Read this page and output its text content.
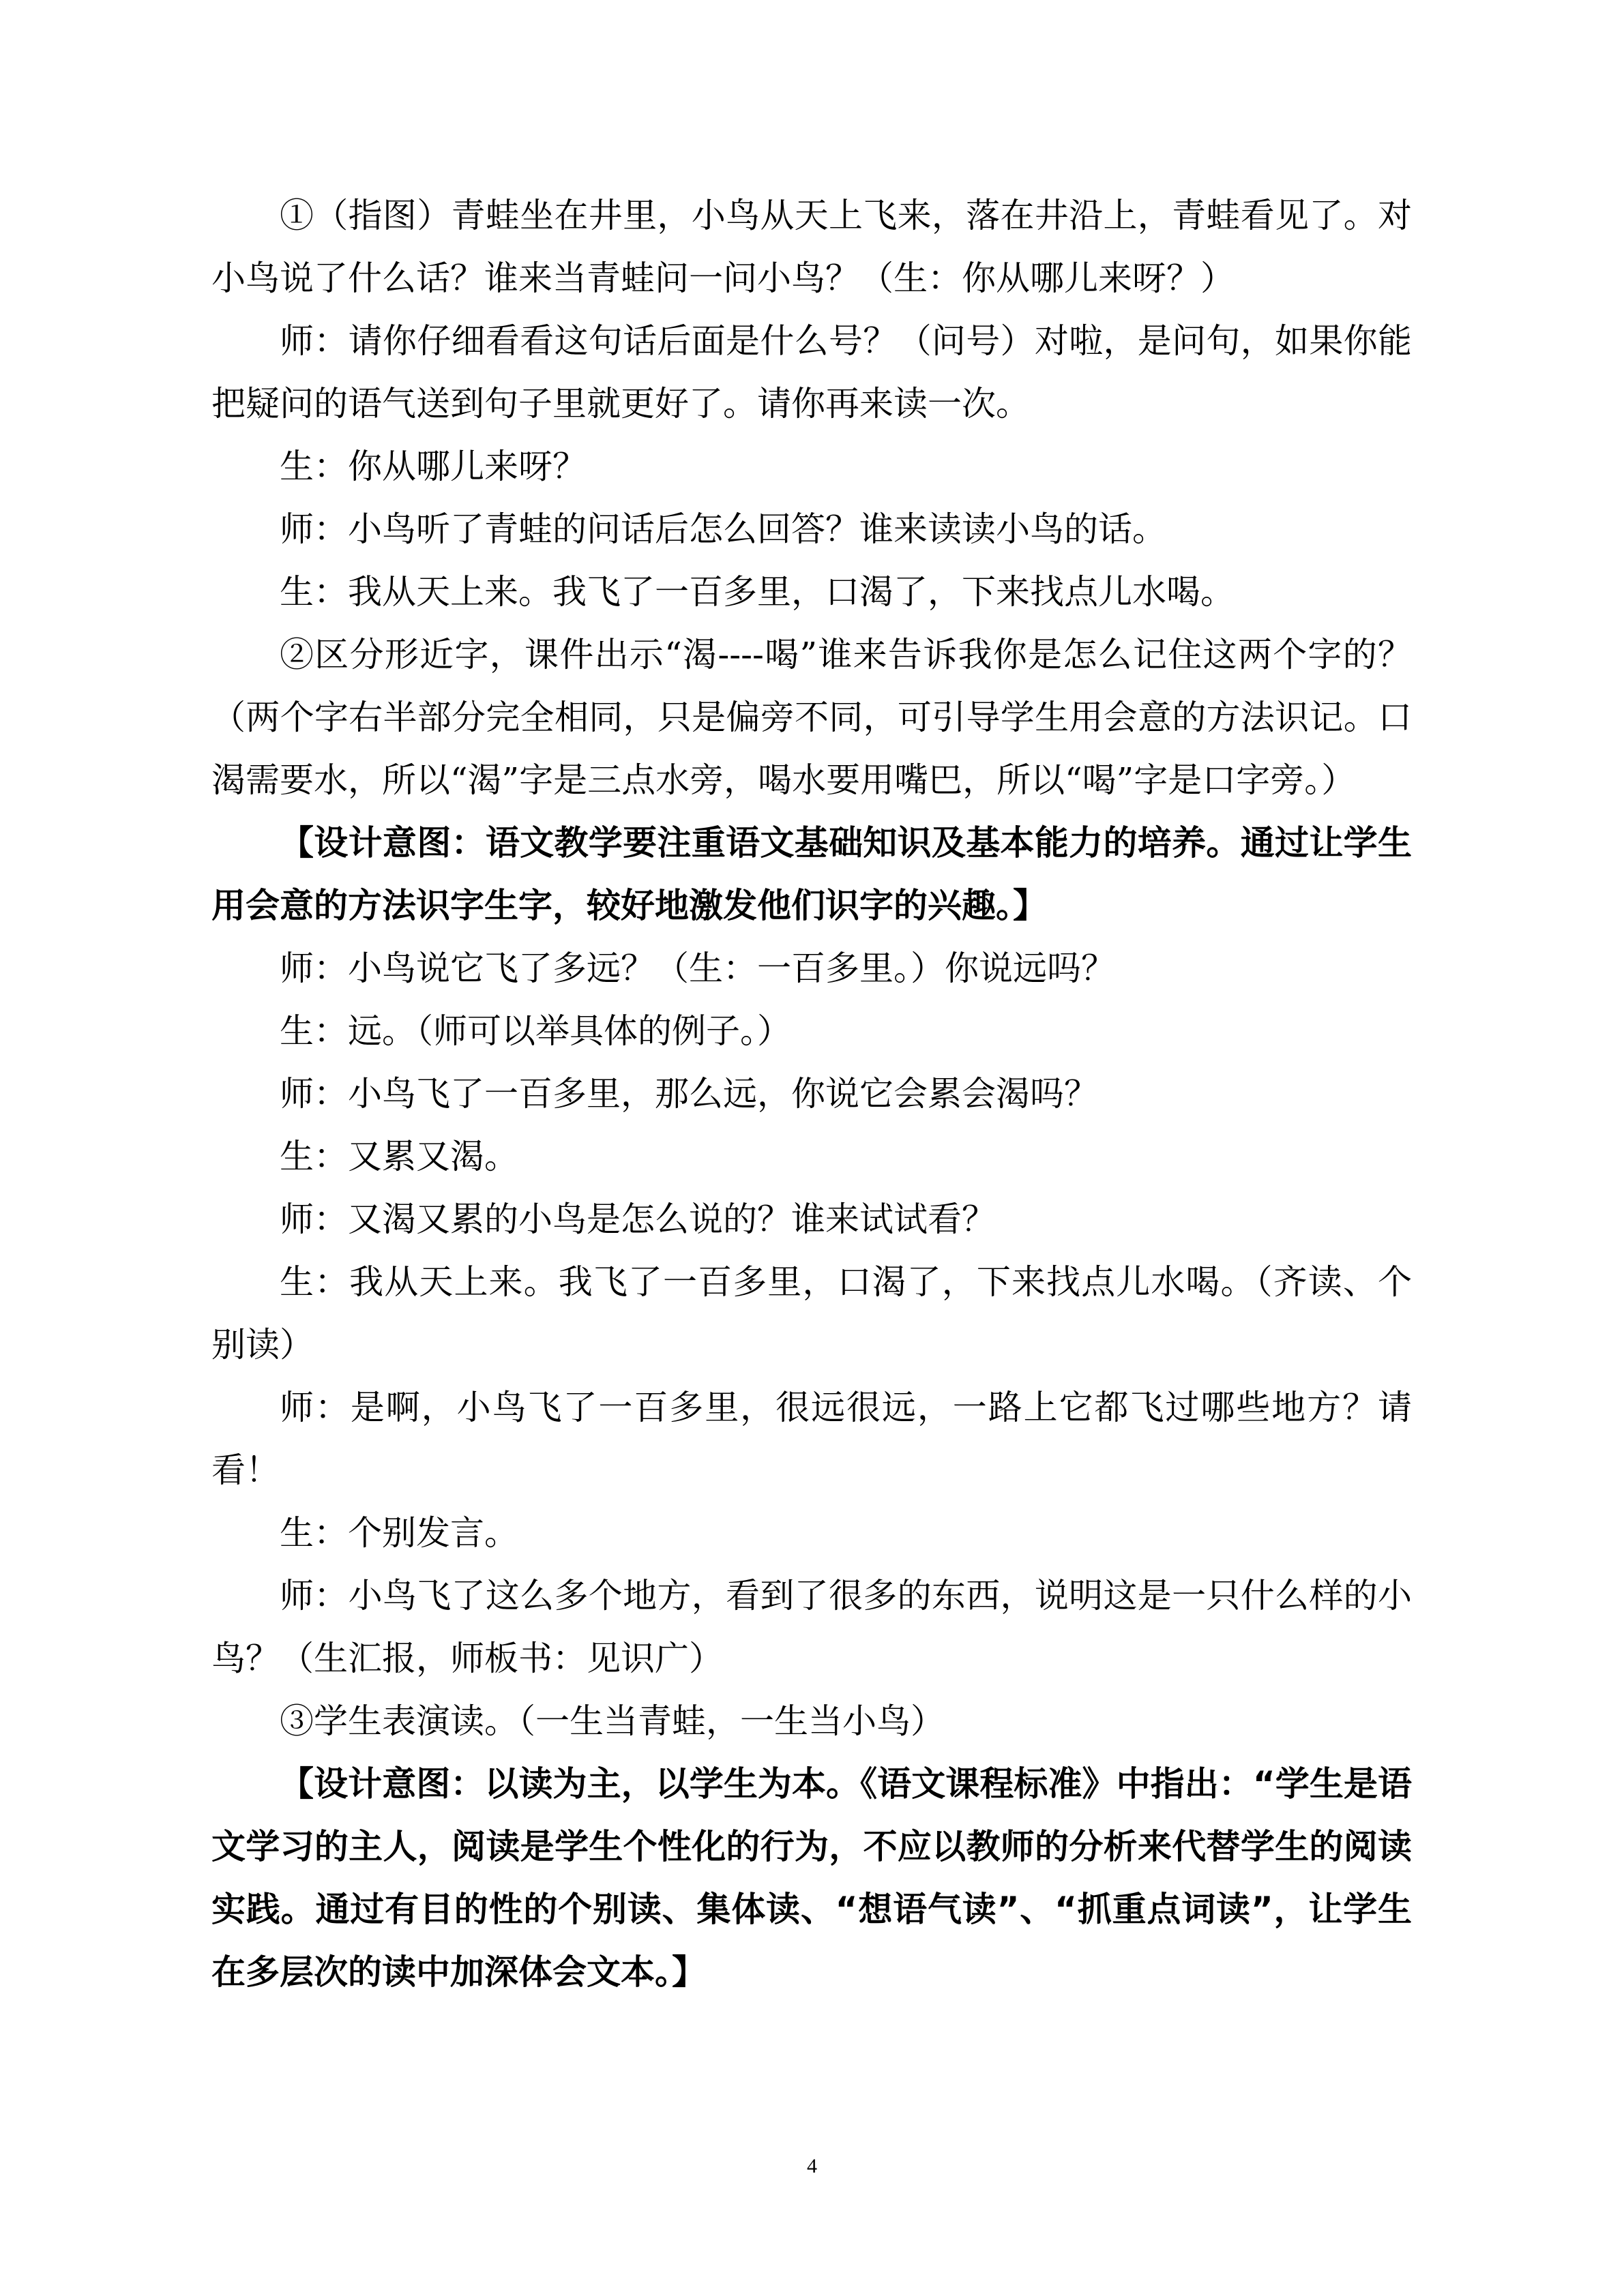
①（指图）青蛙坐在井里，小鸟从天上飞来，落在井沿上，青蛙看见了。对小鸟说了什么话？谁来当青蛙问一问小鸟？（生：你从哪儿来呀？）

师：请你仔细看看这句话后面是什么号？（问号）对啦，是问句，如果你能把疑问的语气送到句子里就更好了。请你再来读一次。

生：你从哪儿来呀？

师：小鸟听了青蛙的问话后怎么回答？谁来读读小鸟的话。

生：我从天上来。我飞了一百多里，口渴了，下来找点儿水喝。

②区分形近字，课件出示“渴----喝”谁来告诉我你是怎么记住这两个字的？（两个字右半部分完全相同，只是偏旁不同，可引导学生用会意的方法识记。口渴需要水，所以“渴”字是三点水旁，喝水要用嘴巴，所以“喝”字是口字旁。）

【设计意图：语文教学要注重语文基础知识及基本能力的培养。通过让学生用会意的方法识字生字，较好地激发他们识字的兴趣。】

师：小鸟说它飞了多远？（生：一百多里。）你说远吗？

生：远。（师可以举具体的例子。）

师：小鸟飞了一百多里，那么远，你说它会累会渴吗？

生：又累又渴。

师：又渴又累的小鸟是怎么说的？谁来试试看？

生：我从天上来。我飞了一百多里，口渴了，下来找点儿水喝。（齐读、个别读）

师：是啊，小鸟飞了一百多里，很远很远，一路上它都飞过哪些地方？请看！

生：个别发言。

师：小鸟飞了这么多个地方，看到了很多的东西，说明这是一只什么样的小鸟？（生汇报，师板书：见识广）

③学生表演读。（一生当青蛙，一生当小鸟）

【设计意图：以读为主，以学生为本。《语文课程标准》中指出：“学生是语文学习的主人，阅读是学生个性化的行为，不应以教师的分析来代替学生的阅读实践。通过有目的性的个别读、集体读、“想语气读”、“抓重点词读”，让学生在多层次的读中加深体会文本。】

4
